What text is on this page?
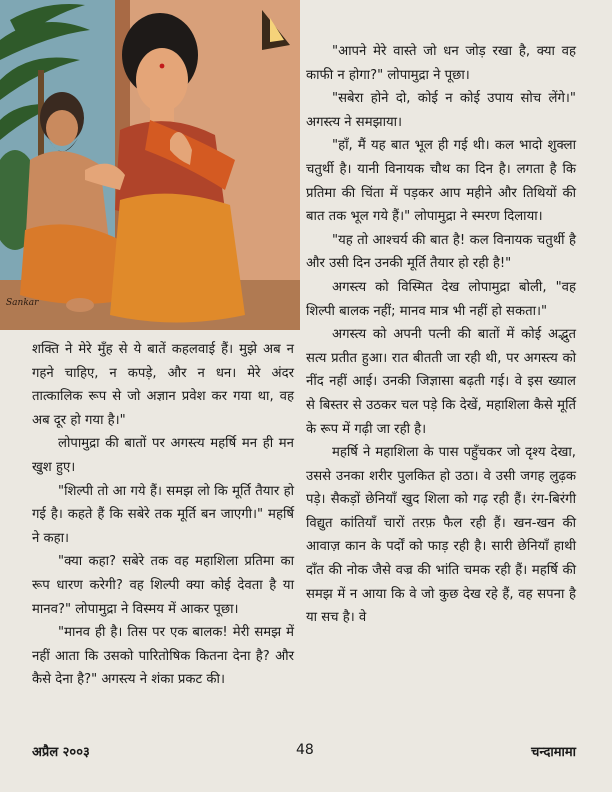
Sankar

शक्ति ने मेरे मुँह से ये बातें कहलवाई हैं। मुझे अब न गहने चाहिए, न कपड़े, और न धन। मेरे अंदर तात्कालिक रूप से जो अज्ञान प्रवेश कर गया था, वह अब दूर हो गया है।"

लोपामुद्रा की बातों पर अगस्त्य महर्षि मन ही मन खुश हुए।

"शिल्पी तो आ गये हैं। समझ लो कि मूर्ति तैयार हो गई है। कहते हैं कि सबेरे तक मूर्ति बन जाएगी।" महर्षि ने कहा।

"क्या कहा? सबेरे तक वह महाशिला प्रतिमा का रूप धारण करेगी? वह शिल्पी क्या कोई देवता है या मानव?" लोपामुद्रा ने विस्मय में आकर पूछा।

"मानव ही है। तिस पर एक बालक! मेरी समझ में नहीं आता कि उसको पारितोषिक कितना देना है? और कैसे देना है?" अगस्त्य ने शंका प्रकट की।

"आपने मेरे वास्ते जो धन जोड़ रखा है, क्या वह काफी न होगा?" लोपामुद्रा ने पूछा।

"सबेरा होने दो, कोई न कोई उपाय सोच लेंगे।" अगस्त्य ने समझाया।

"हाँ, मैं यह बात भूल ही गई थी। कल भादो शुक्ला चतुर्थी है। यानी विनायक चौथ का दिन है। लगता है कि प्रतिमा की चिंता में पड़कर आप महीने और तिथियों की बात तक भूल गये हैं।" लोपामुद्रा ने स्मरण दिलाया।

"यह तो आश्चर्य की बात है! कल विनायक चतुर्थी है और उसी दिन उनकी मूर्ति तैयार हो रही है!"

अगस्त्य को विस्मित देख लोपामुद्रा बोली, "वह शिल्पी बालक नहीं; मानव मात्र भी नहीं हो सकता।"

अगस्त्य को अपनी पत्नी की बातों में कोई अद्भुत सत्य प्रतीत हुआ। रात बीतती जा रही थी, पर अगस्त्य को नींद नहीं आई। उनकी जिज्ञासा बढ़ती गई। वे इस ख्याल से बिस्तर से उठकर चल पड़े कि देखें, महाशिला कैसे मूर्ति के रूप में गढ़ी जा रही है।

महर्षि ने महाशिला के पास पहुँचकर जो दृश्य देखा, उससे उनका शरीर पुलकित हो उठा। वे उसी जगह लुढ़क पड़े। सैकड़ों छेनियाँ खुद शिला को गढ़ रही हैं। रंग-बिरंगी विद्युत कांतियाँ चारों तरफ़ फैल रही हैं। खन-खन की आवाज़ कान के पर्दों को फाड़ रही है। सारी छेनियाँ हाथी दाँत की नोक जैसे वज्र की भांति चमक रही हैं। महर्षि की समझ में न आया कि वे जो कुछ देख रहे हैं, वह सपना है या सच है। वे

अप्रैल २००३	48	चन्दामामा
